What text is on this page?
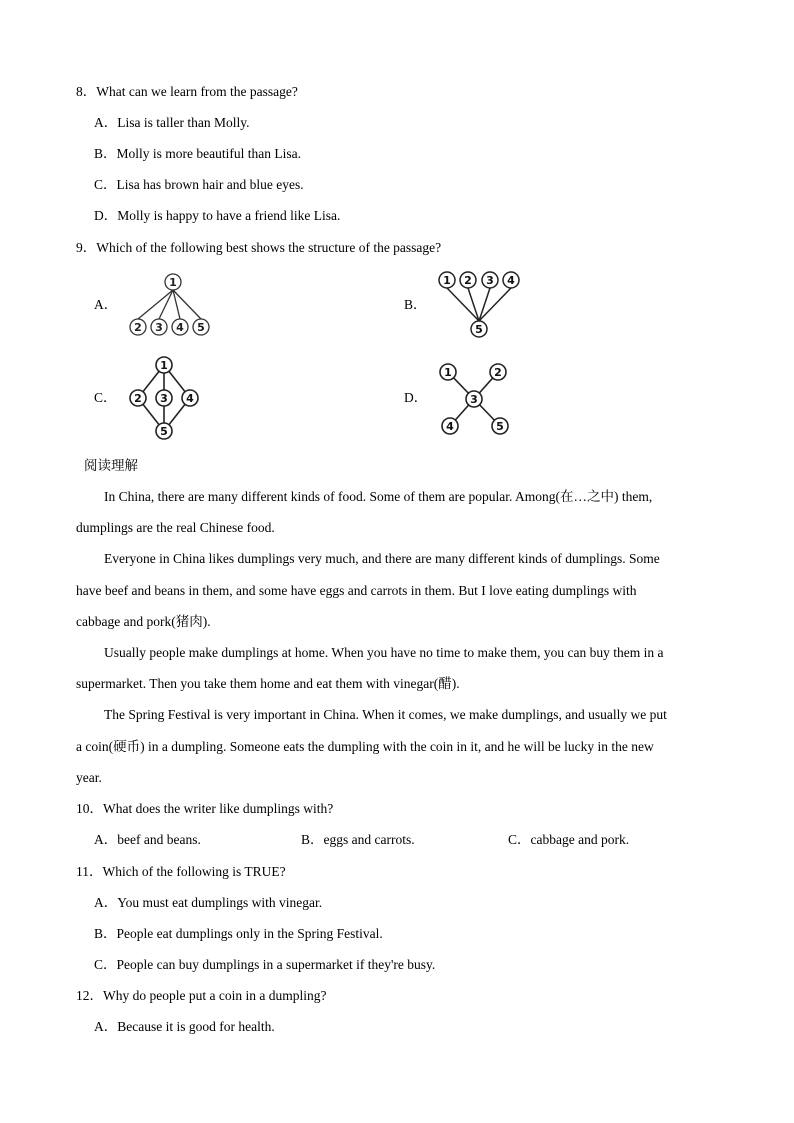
8．What can we learn from the passage?
A．Lisa is taller than Molly.
B．Molly is more beautiful than Lisa.
C．Lisa has brown hair and blue eyes.
D．Molly is happy to have a friend like Lisa.
9．Which of the following best shows the structure of the passage?
A．
1
2 3 4 5
B．
1 2 3 4
5
C．
1
2 3 4
5
D．
1	2
3
4	5
阅读理解
In China, there are many different kinds of food. Some of them are popular. Among(在…之中) them,
dumplings are the real Chinese food.
Everyone in China likes dumplings very much, and there are many different kinds of dumplings. Some
have beef and beans in them, and some have eggs and carrots in them. But I love eating dumplings with
cabbage and pork(猪肉).
Usually people make dumplings at home. When you have no time to make them, you can buy them in a
supermarket. Then you take them home and eat them with vinegar(醋).
The Spring Festival is very important in China. When it comes, we make dumplings, and usually we put
a coin(硬币) in a dumpling. Someone eats the dumpling with the coin in it, and he will be lucky in the new
year.
10．What does the writer like dumplings with?
A．beef and beans.	B．eggs and carrots.	C．cabbage and pork.
11．Which of the following is TRUE?
A．You must eat dumplings with vinegar.
B．People eat dumplings only in the Spring Festival.
C．People can buy dumplings in a supermarket if they're busy.
12．Why do people put a coin in a dumpling?
A．Because it is good for health.
